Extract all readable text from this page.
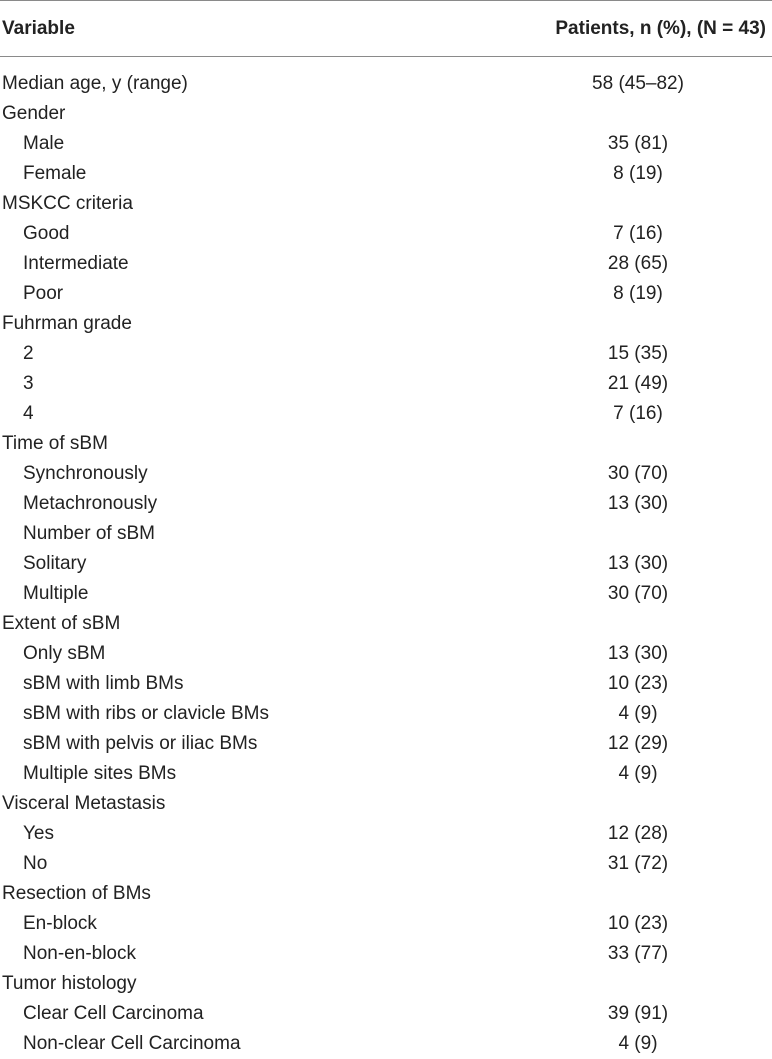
Variable	Patients, n (%), (N = 43)
Median age, y (range)	58 (45–82)
Gender
Male	35 (81)
Female	8 (19)
MSKCC criteria
Good	7 (16)
Intermediate	28 (65)
Poor	8 (19)
Fuhrman grade
2	15 (35)
3	21 (49)
4	7 (16)
Time of sBM
Synchronously	30 (70)
Metachronously	13 (30)
Number of sBM
Solitary	13 (30)
Multiple	30 (70)
Extent of sBM
Only sBM	13 (30)
sBM with limb BMs	10 (23)
sBM with ribs or clavicle BMs	4 (9)
sBM with pelvis or iliac BMs	12 (29)
Multiple sites BMs	4 (9)
Visceral Metastasis
Yes	12 (28)
No	31 (72)
Resection of BMs
En-block	10 (23)
Non-en-block	33 (77)
Tumor histology
Clear Cell Carcinoma	39 (91)
Non-clear Cell Carcinoma	4 (9)
